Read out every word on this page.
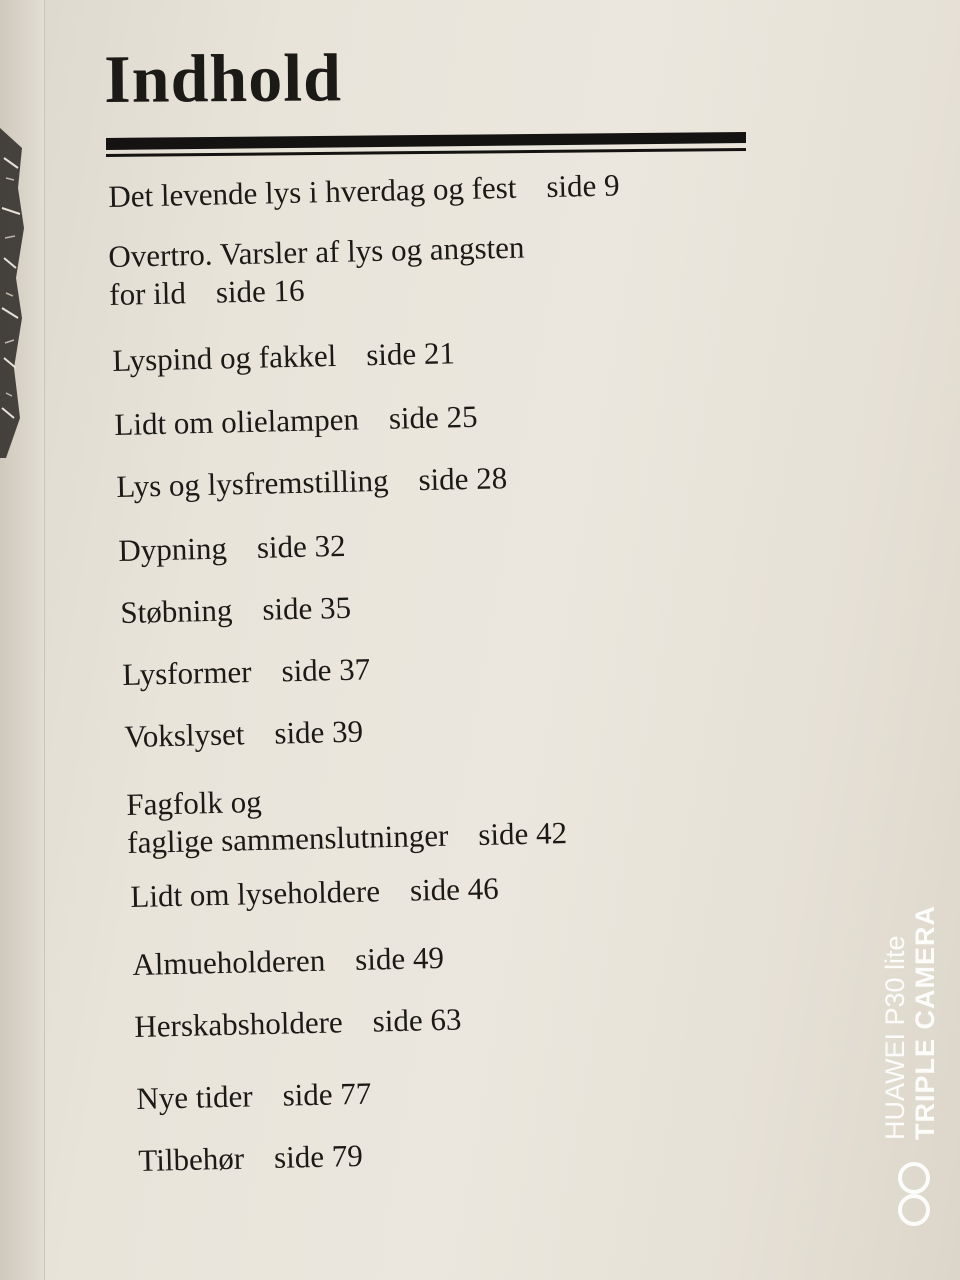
Indhold
Det levende lys i hverdag og fest side 9
Overtro. Varsler af lys og angsten
for ild side 16
Lyspind og fakkel side 21
Lidt om olielampen side 25
Lys og lysfremstilling side 28
Dypning side 32
Støbning side 35
Lysformer side 37
Vokslyset side 39
Fagfolk og
faglige sammenslutninger side 42
Lidt om lyseholdere side 46
Almueholderen side 49
Herskabsholdere side 63
Nye tider side 77
Tilbehør side 79
HUAWEI P30 lite TRIPLE CAMERA
